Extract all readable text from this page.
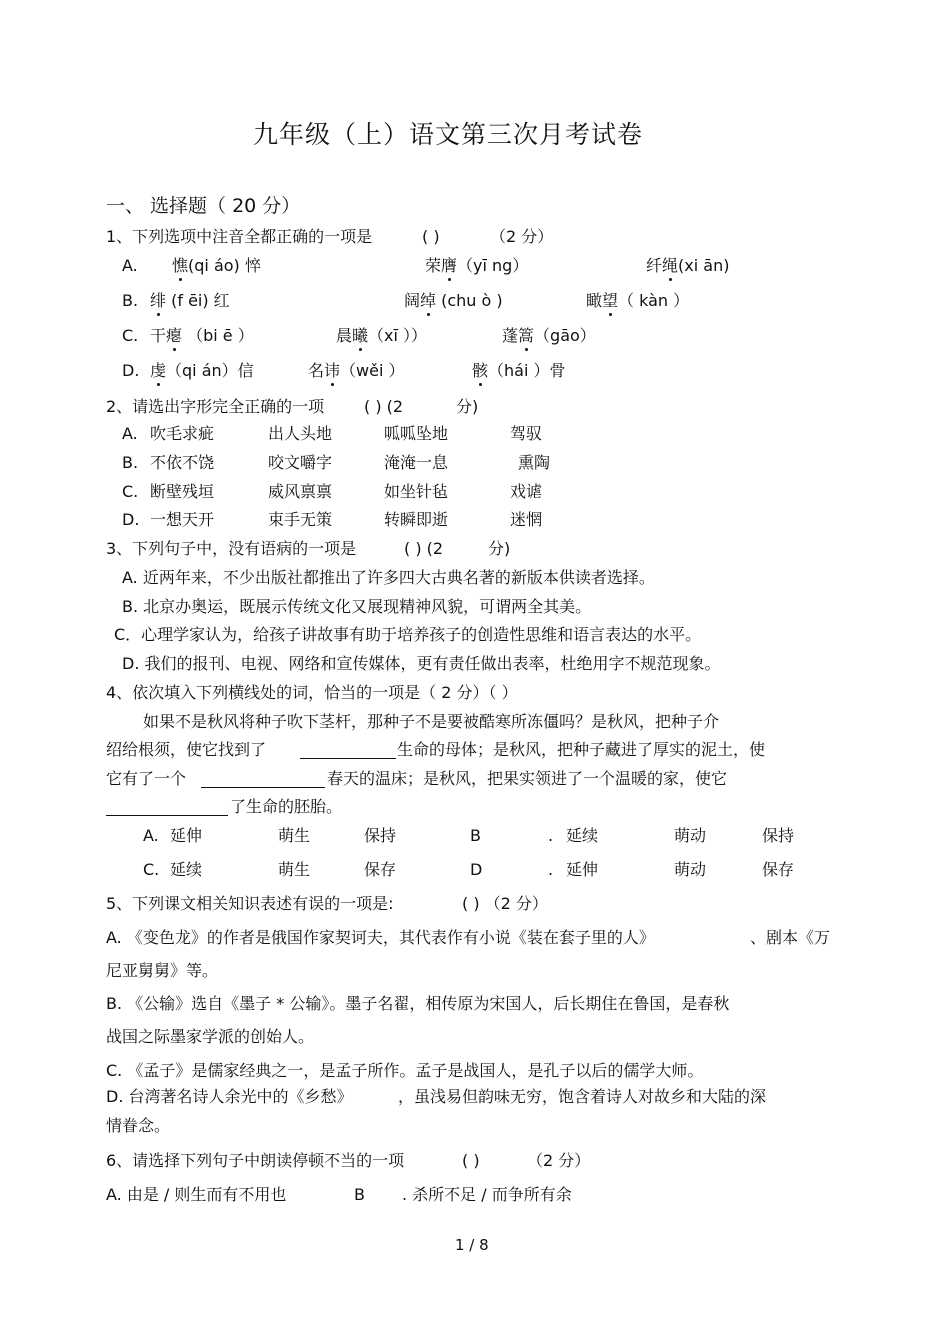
九年级（上）语文第三次月考试卷
一、 选择题（ 20 分）
1、下列选项中注音全都正确的一项是	( )	（2 分）
A. 憔(qi áo) 悴	荣膺（yī ng）	纤绳(xi ān)
B. 绯 (f ēi) 红	阔绰 (chu ò )	瞰望（ kàn ）
C. 干瘪 （bi ē ）	晨曦（xī ））	蓬篙（gāo）
D. 虔（qi án）信	名讳（wěi ）	骸（hái ）骨
2、请选出字形完全正确的一项 ( ) (2	分)
A. 吹毛求疵	出人头地	呱呱坠地	驾驭
B. 不依不饶	咬文嚼字	淹淹一息	熏陶
C. 断壁残垣	威风禀禀	如坐针毡	戏谑
D. 一想天开	束手无策	转瞬即逝	迷惘
3、下列句子中，没有语病的一项是	( ) (2	分)
A. 近两年来，不少出版社都推出了许多四大古典名著的新版本供读者选择。
B. 北京办奥运，既展示传统文化又展现精神风貌，可谓两全其美。
C．心理学家认为，给孩子讲故事有助于培养孩子的创造性思维和语言表达的水平。
D. 我们的报刊、电视、网络和宣传媒体，更有责任做出表率，杜绝用字不规范现象。
4、依次填入下列横线处的词，恰当的一项是（ 2 分）（ ）
如果不是秋风将种子吹下茎杆，那种子不是要被酷寒所冻僵吗？是秋风，把种子介
绍给根须，使它找到了	生命的母体；是秋风，把种子藏进了厚实的泥土，使
它有了一个	春天的温床；是秋风，把果实领进了一个温暖的家，使它
了生命的胚胎。
A. 延伸	萌生	保持	B	. 延续	萌动	保持
C. 延续	萌生	保存	D	. 延伸	萌动	保存
5、下列课文相关知识表述有误的一项是:	( ) （2 分）
A. 《变色龙》的作者是俄国作家契诃夫，其代表作有小说《装在套子里的人》	、剧本《万
尼亚舅舅》等。
B. 《公输》选自《墨子 * 公输》。墨子名翟，相传原为宋国人，后长期住在鲁国，是春秋
战国之际墨家学派的创始人。
C. 《孟子》是儒家经典之一，是孟子所作。孟子是战国人，是孔子以后的儒学大师。
D. 台湾著名诗人余光中的《乡愁》	，虽浅易但韵味无穷，饱含着诗人对故乡和大陆的深
情眷念。
6、请选择下列句子中朗读停顿不当的一项	( )	（2 分）
A. 由是 / 则生而有不用也	B . 杀所不足 / 而争所有余
1 / 8
